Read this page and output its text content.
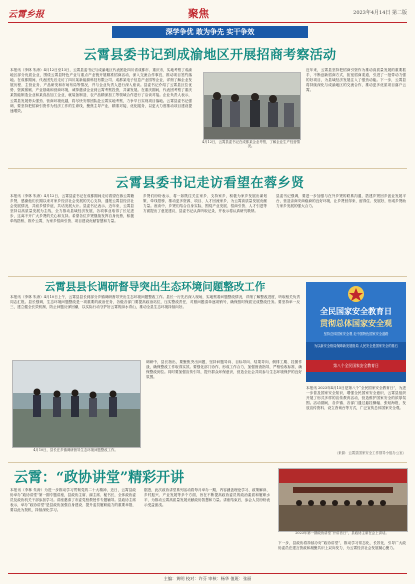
云霄乡报	聚焦	2023年4月14日 第二版
深学争优 敢为争先 实干争效
云霄县委书记到成渝地区开展招商考察活动
本报讯（李林 朱涛）4月12日至13日，云霄县委书记与成渝地区代表团赴四川省成都市、重庆市，实地考察了成渝地区部分优质企业，围绕云霄县特色产业与重点产业链开展精准招商活动，深入交流合作事宜，推动项目签约落地。在成都期间，代表团先后走访了四川某新能源科技有限公司、成都某电子信息产业园等企业，详细了解企业发展历程、主营业务、产品研发和市场布局等情况，并与企业负责人进行深入座谈。县委书记介绍了云霄县区位优势、资源禀赋、产业基础和营商环境，诚挚邀请企业到云霄考察投资，共谋发展。在重庆期间，代表团考察了重庆某智能制造企业和某食品加工企业，就装备制造、农产品精深加工等领域合作进行了洽谈对接。企业负责人表示，云霄县发展势头强劲、营商环境优越，将尽快安排团队赴云霄实地考察，力争早日实现项目落地。云霄县委书记强调，要坚持把招商引资作为经济工作的生命线，聚焦主导产业，精准对接，优化服务，以更大力度推动项目建设提速增效。
4月12日，云霄县委书记在成都某企业考察，了解企业生产经营情况。
近年来，云霄县坚持把招商引资作为推动高质量发展的重要抓手，不断创新招商方式，拓宽招商渠道，引进了一批带动力强的好项目，为县域经济发展注入了强劲动能。下一步，云霄县将持续深化与成渝地区的交流合作，推动更多优质项目落户云霄。
云霄县委书记走访看望在蓉乡贤
本报讯（李林 朱涛）4月12日，云霄县委书记在成都期间走访看望在蓉云霄籍乡贤，感谢他们长期以来对家乡经济社会发展的关心支持，通报云霄县经济社会发展情况，共叙乡情乡谊，共话发展大计。县委书记表示，近年来，云霄县坚持以高质量发展为主线，全力推动县域经济发展，各项事业取得了长足进步，这离不开广大乡贤的关心和支持。希望各位乡贤继续发挥自身优势，积极牵线搭桥，推介云霄，为家乡招商引资、项目建设贡献智慧和力量。
乡贤们纷纷表示，将一如既往关注家乡、支持家乡，积极为家乡发展出谋划策、牵线搭桥，推动更多资源、项目、人才回流家乡，为云霄高质量发展贡献力量。座谈中，乡贤们结合自身实际，围绕产业发展、招商引资、人才引进等方面提出了意见建议，县委书记认真听取记录，并表示将认真研究吸纳。
县委书记强调，要进一步加强与在外乡贤的联系沟通，搭建乡贤回乡创业发展平台，营造亲商安商稳商的良好环境，让乡贤回得来、留得住、发展好，形成乡贤助力家乡发展的强大合力。
云霄县县长调研督导突出生态环境问题整改工作
本报讯（李林 朱涛）4月10日上午，云霄县县长到部分乡镇调研督导突出生态环境问题整改工作。县长一行先后深入现场，实地察看问题整改情况，详细了解整改进度，听取相关负责同志汇报。县长强调，生态环境问题整改是一项重要的政治任务，各级各部门要提高政治站位，压实整改责任，对照问题清单逐项销号，确保按时保质完成整改任务。要坚持举一反三，建立健全长效机制，防止问题反弹回潮，以实际行动守护好云霄的绿水青山，推动全县生态环境持续向好。
4月10日，县长在乡镇调研督导生态环境问题整改工作。
调研中，县长指出，要聚焦突出问题，坚持问题导向、目标导向、结果导向，倒排工期、挂图作战，确保整改工作取得实效。要强化部门协作，形成工作合力，加强督查指导，严格验收标准，确保整改到位。同时要加强宣传引导，提升群众环保意识，营造全社会共同参与生态环境保护的良好氛围。
全民国家安全教育日
贯彻总体国家安全观
坚持总体国家安全观 走中国特色国家安全道路
为以新安全格局保障新发展格局 人民安全是国家安全的基石
第八个全民国家安全教育日
本报讯 2023年4月15日是第八个“全民国家安全教育日”，为进一步普及国家安全知识，增强全民国家安全意识，云霄县组织开展了形式多样的宣传教育活动，营造维护国家安全的浓厚氛围。活动期间，各乡镇、各部门通过悬挂横幅、张贴海报、发放宣传资料、设立咨询台等方式，广泛宣传总体国家安全观。
（来源：云霄县国家安全工作领导小组办公室）
云霄：“政协讲堂”精彩开讲
本报讯（李林 朱涛）为进一步推动学习贯彻党的二十大精神，近日，云霄县政协举办“政协讲堂”第一期专题讲座，县政协主席、副主席、秘书长，全体政协委员及政协机关干部参加学习。讲座邀请了市委党校教授作专题辅导。县政协主席表示，举办“政协讲堂”是县政协加强自身建设、提升委员履职能力的重要举措，要以此为契机，持续深化学习。
据悉，此次政协讲堂系列活动将每月举办一期，内容涵盖理论学习、政策解读、乡村振兴、产业发展等多个方面，旨在不断提高政协委员的政治素质和履职水平，为推动云霄高质量发展贡献政协智慧和力量。讲座结束后，参会人员纷纷表示受益匪浅。
2023年第一期政协讲堂“开讲首日”，县政协主席在会上讲话。
下一步，县政协将持续办好“政协讲堂”，推动学习常态化、长效化，引导广大政协委员在建言资政和凝聚共识上双向发力，为云霄经济社会发展凝心聚力。
主编：黄明 校对：许芬 审核：杨华 值班：张丽
